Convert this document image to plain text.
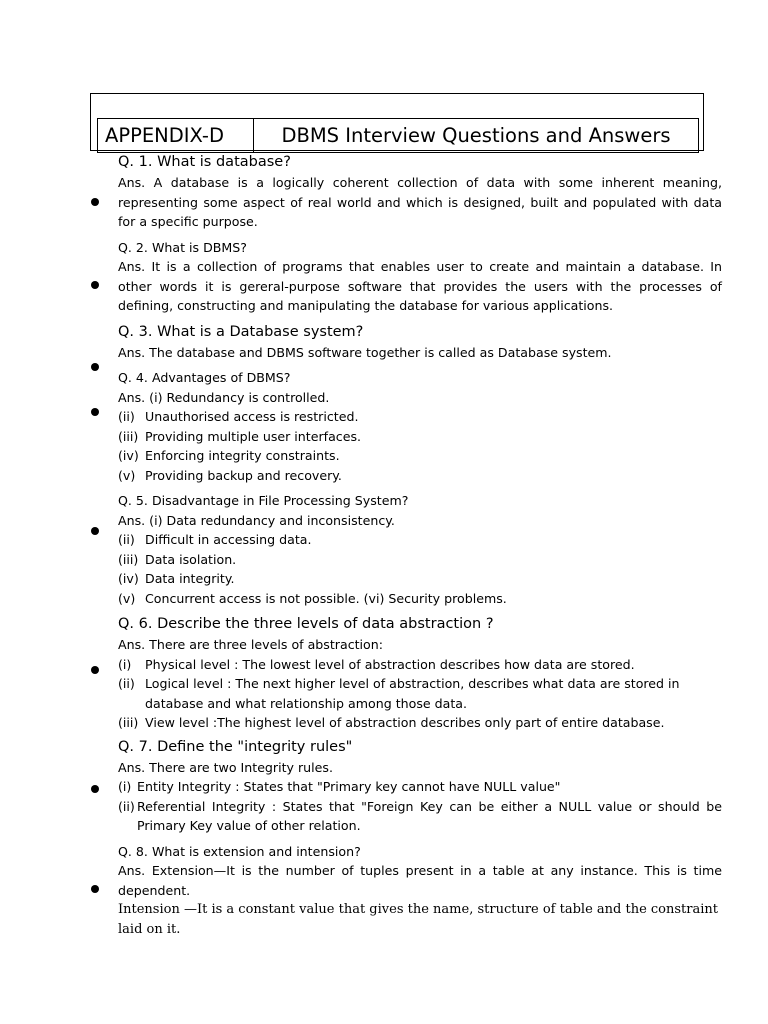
APPENDIX-D	DBMS Interview Questions and Answers

Q. 1. What is database?

Ans. A database is a logically coherent collection of data with some inherent meaning, representing some aspect of real world and which is designed, built and populated with data for a specific purpose.

Q. 2. What is DBMS?

Ans. It is a collection of programs that enables user to create and maintain a database. In other words it is gereral-purpose software that provides the users with the processes of defining, constructing and manipulating the database for various applications.

Q. 3. What is a Database system?

Ans. The database and DBMS software together is called as Database system.

Q. 4. Advantages of DBMS?

Ans. (i) Redundancy is controlled.

(ii) Unauthorised access is restricted.
(iii) Providing multiple user interfaces.
(iv) Enforcing integrity constraints.
(v) Providing backup and recovery.

Q. 5. Disadvantage in File Processing System?

Ans. (i) Data redundancy and inconsistency.

(ii) Difficult in accessing data.
(iii) Data isolation.
(iv) Data integrity.
(v) Concurrent access is not possible. (vi) Security problems.

Q. 6. Describe the three levels of data abstraction ?

Ans. There are three levels of abstraction:

(i)	Physical level : The lowest level of abstraction describes how data are stored.
(ii) Logical level : The next higher level of abstraction, describes what data are stored in database and what relationship among those data.
(iii) View level :The highest level of abstraction describes only part of entire database.

Q. 7. Define the "integrity rules"

Ans. There are two Integrity rules.

(i) Entity Integrity : States that "Primary key cannot have NULL value"
(ii) Referential Integrity : States that "Foreign Key can be either a NULL value or should be Primary Key value of other relation.

Q. 8. What is extension and intension?

Ans. Extension—It is the number of tuples present in a table at any instance. This is time dependent.

Intension —It is a constant value that gives the name, structure of table and the constraint laid on it.
